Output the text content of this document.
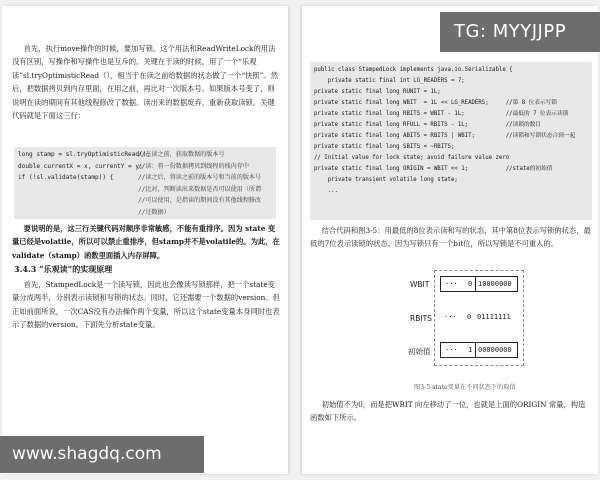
首先，执行move操作的时候，要加写锁。这个用法和ReadWriteLock的用法没有区别，写操作和写操作也是互斥的。关键在于读的时候，用了一个“乐观读”sl.tryOptimisticRead（），相当于在读之前给数据的状态做了一个“快照”。然后，把数据拷贝到内存里面，在用之前，再比对一次版本号。如果版本号变了，则说明在读的期间有其他线程修改了数据。读出来的数据废弃，重新获取读锁。关键代码就是下面这三行：

long stamp = sl.tryOptimisticRead();
//在读之前，获取数据的版本号
double currentX = x, currentY = y;
//读：将一份数据拷贝到线程的栈内存中
if (!sl.validate(stamp)) {	//读之后，将读之前的版本号和当前的版本号
//比对，判断读出来数据是否可以使用（所谓
//可以使用，是指读的期间没有其他线程修改
//过数据）

要说明的是，这三行关键代码对顺序非常敏感，不能有重排序。因为 state 变量已经是volatile，所以可以禁止重排序，但stamp并不是volatile的。为此，在validate（stamp）函数里面插入内存屏障。

3.4.3 “乐观读”的实现原理

首先，StampedLock是一个读写锁，因此也会像读写锁那样，把一个state变量分成两半，分别表示读锁和写锁的状态。同时，它还需要一个数据的version。但正如前面所说，一次CAS没有办法操作两个变量，所以这个state变量本身同时也表示了数据的version。下面先分析state变量。

public class StampedLock implements java.io.Serializable {
private static final int LG_READERS = 7;
private static final long RUNIT = 1L;
private static final long WBIT  = 1L << LG_READERS;     //第 8 位表示写锁
private static final long RBITS = WBIT - 1L;            //最低的 7 位表示读锁
private static final long RFULL = RBITS - 1L;           //读锁的数目
private static final long ABITS = RBITS | WBIT;         //读锁和写锁状态合到一起
private static final long SBITS = ~RBITS;
// Initial value for lock state; avoid failure value zero
private static final long ORIGIN = WBIT << 1;           //state的初始值
private transient volatile long state;
...

结合代码和图3-5：用最低的8位表示读和写的状态，其中第8位表示写锁的状态，最低的7位表示读锁的状态。因为写锁只有一个bit位，所以写锁是不可重入的。

WBIT ··· 0 10000000
RBITS ··· 0 01111111
初始值 ··· 1 00000000
图3-5 state变量在不同状态下的取值

初始值不为0，而是把WBIT 向左移动了一位，也就是上面的ORIGIN 常量，构造函数如下所示。

TG: MYYJJPP
www.shagdq.com
